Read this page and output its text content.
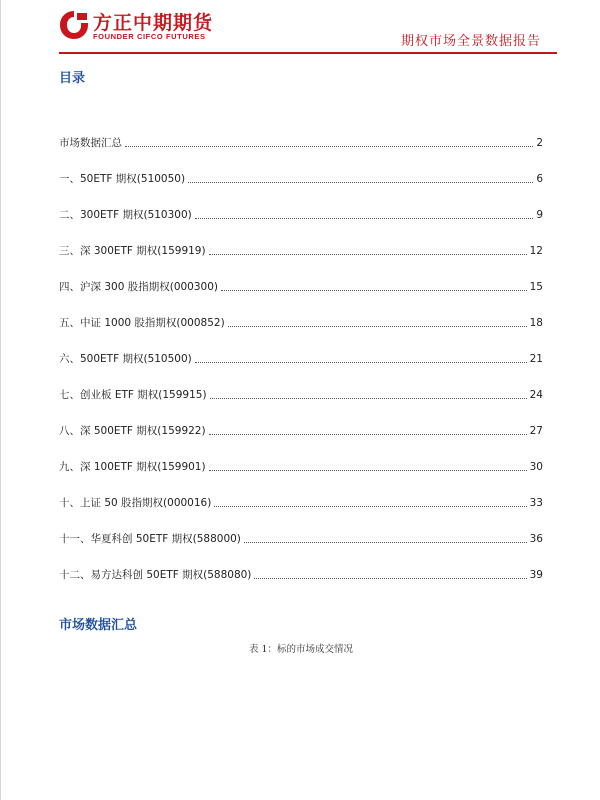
方正中期期货
FOUNDER CIFCO FUTURES	期权市场全景数据报告
目录
市场数据汇总	2
一、50ETF 期权(510050)	6
二、300ETF 期权(510300)	9
三、深 300ETF 期权(159919)	12
四、沪深 300 股指期权(000300)	15
五、中证 1000 股指期权(000852)	18
六、500ETF 期权(510500)	21
七、创业板 ETF 期权(159915)	24
八、深 500ETF 期权(159922)	27
九、深 100ETF 期权(159901)	30
十、上证 50 股指期权(000016)	33
十一、华夏科创 50ETF 期权(588000)	36
十二、易方达科创 50ETF 期权(588080)	39
市场数据汇总
表 1：标的市场成交情况
